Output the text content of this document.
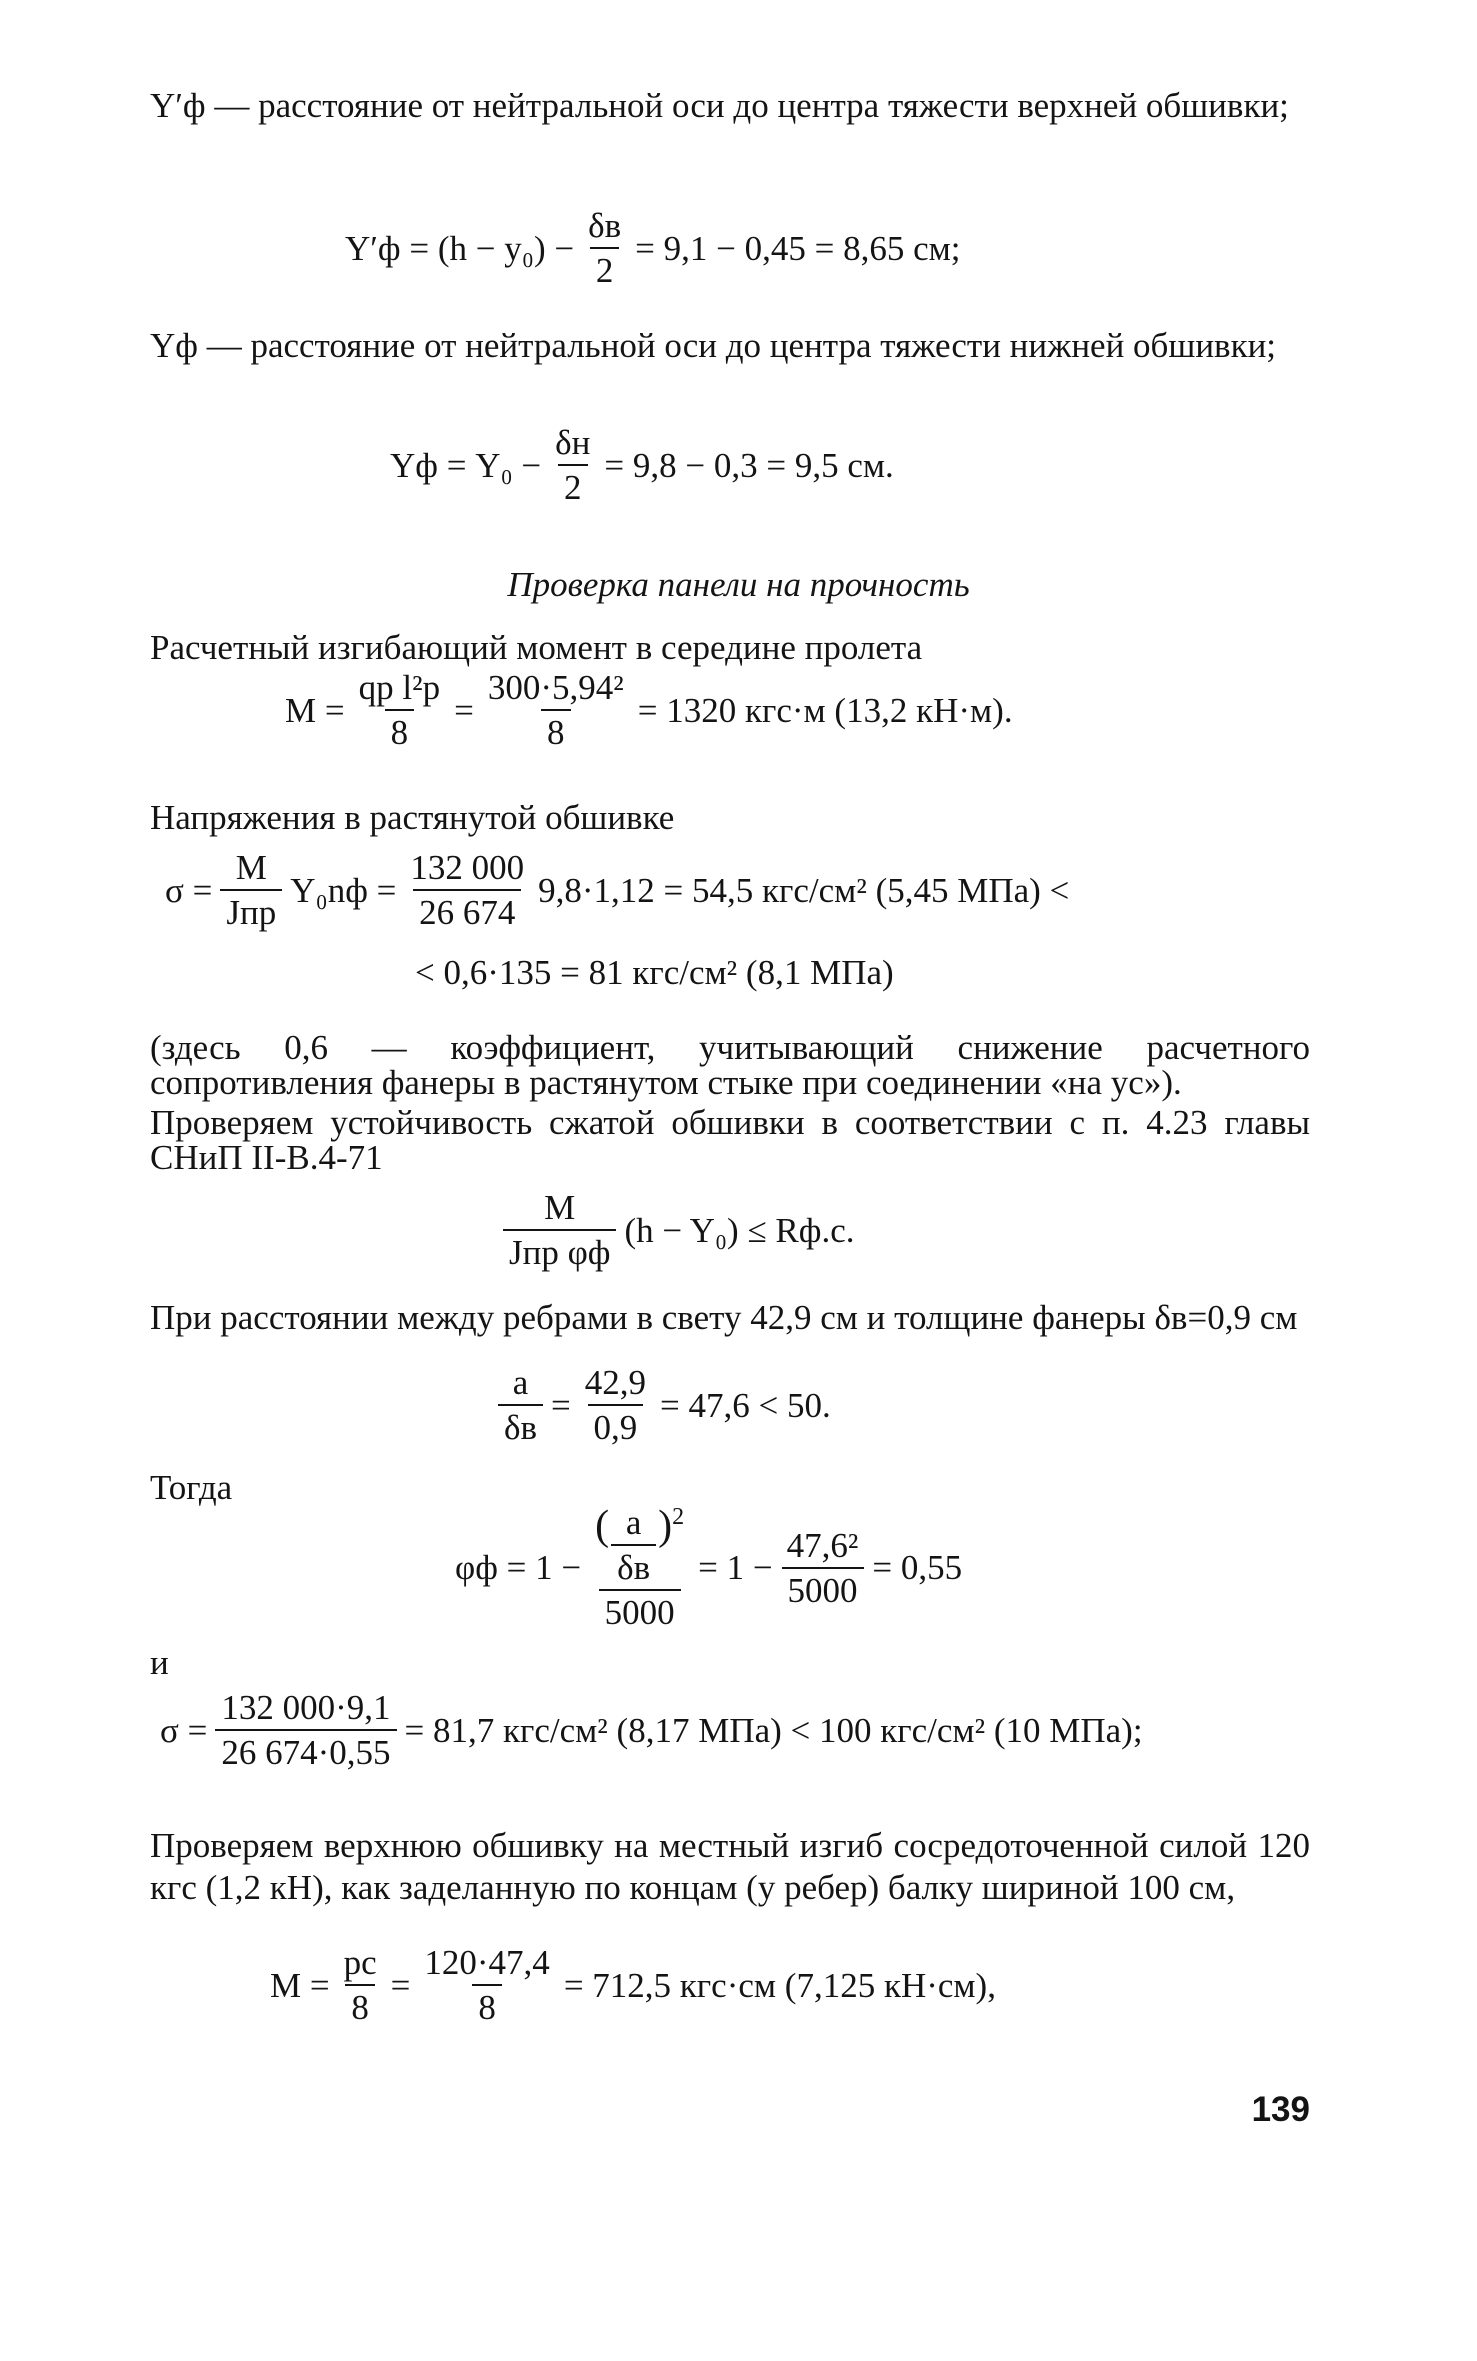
Y′ф — расстояние от нейтральной оси до центра тяжести верхней обшивки;
$Y'ф = (h - y_0) - \frac{\delta в}{2} = 9,1 - 0,45 = 8,65$ см;
Yф — расстояние от нейтральной оси до центра тяжести нижней обшивки;
Yф = $Y_0 - \frac{\delta н}{2} = 9,8 - 0,3 = 9,5$ см.
Проверка панели на прочность
Расчетный изгибающий момент в середине пролета
$M = \frac{\text{qр l²р}}{8} = \frac{\text{300·5,94²}}{8} = 1320$ кгс·м (13,2 кН·м).
Напряжения в растянутой обшивке
$\sigma = \frac{M}{\text{Jпр}} Y_0nф = \frac{132 000}{26 674} 9,8\cdot 1,12 = 54,5$ кгс/см² (5,45 МПа) <
< 0,6·135 = 81 кгс/см² (8,1 МПа)
(здесь 0,6 — коэффициент, учитывающий снижение расчетного сопротивления фанеры в растянутом стыке при соединении «на ус»).
Проверяем устойчивость сжатой обшивки в соответствии с п. 4.23 главы СНиП II-В.4-71
$\frac{M}{\text{Jпр φф}} (h - Y_0) \le Rф.с$.
При расстоянии между ребрами в свету 42,9 см и толщине фанеры δв=0,9 см
$\frac{a}{\delta в} = \frac{42,9}{0,9} = 47,6 < 50$.
Тогда
φф = 1 −
( $\frac{a}{\delta в} )^2$
5000
= $1 - \frac{\text{47,6²}}{5000} = 0,55$
и
$\sigma = \frac{132 000\cdot 9,1}{26 674\cdot 0,55} = 81,7$ кгс/см² (8,17 МПа) < 100 кгс/см² (10 МПа);
Проверяем верхнюю обшивку на местный изгиб сосредоточенной силой 120 кгс (1,2 кН), как заделанную по концам (у ребер) балку шириной 100 см,
$M = \frac{pc}{8} = \frac{120\cdot 47,4}{8} = 712,5$ кгс·см (7,125 кН·см),
139
